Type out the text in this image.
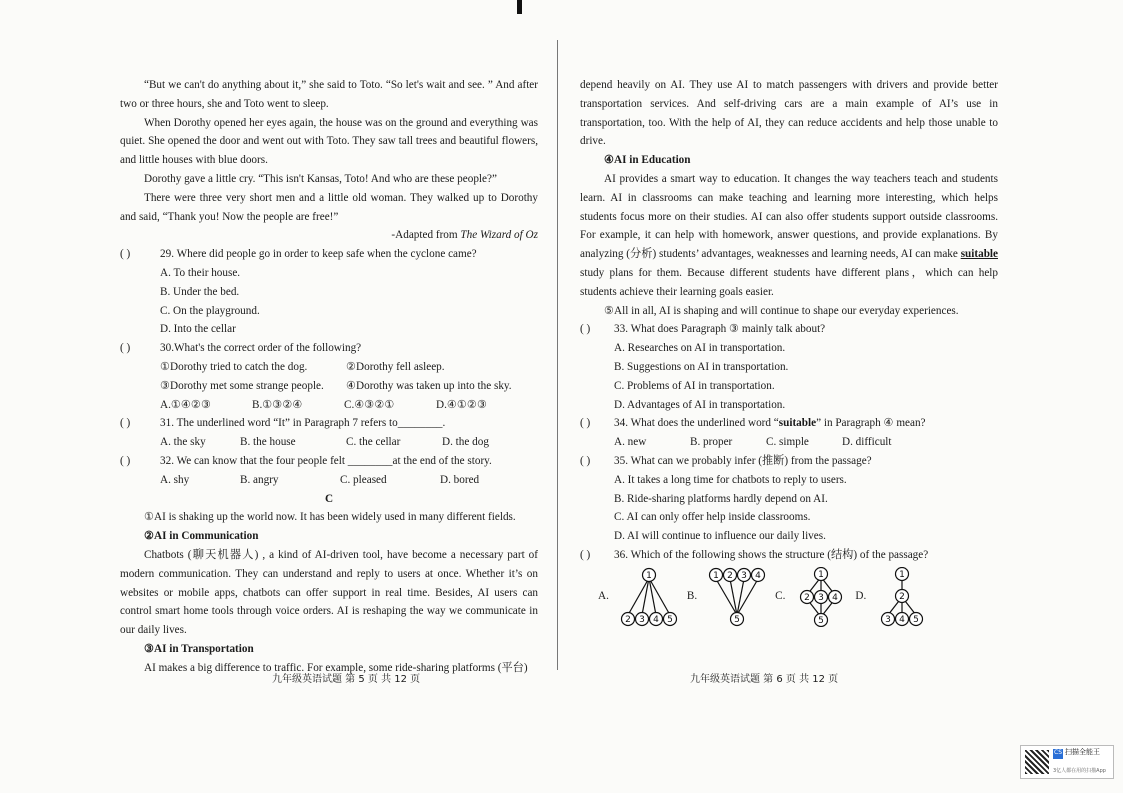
“But we can't do anything about it,” she said to Toto. “So let's wait and see. ” And after two or three hours, she and Toto went to sleep.

When Dorothy opened her eyes again, the house was on the ground and everything was quiet. She opened the door and went out with Toto. They saw tall trees and beautiful flowers, and little houses with blue doors.

Dorothy gave a little cry. “This isn't Kansas, Toto! And who are these people?”

There were three very short men and a little old woman. They walked up to Dorothy and said, “Thank you! Now the people are free!”

-Adapted from The Wizard of Oz

( )	29. Where did people go in order to keep safe when the cyclone came?
A. To their house.
B. Under the bed.
C. On the playground.
D. Into the cellar
( )	30.What's the correct order of the following?
①Dorothy tried to catch the dog.	②Dorothy fell asleep.
③Dorothy met some strange people.	④Dorothy was taken up into the sky.
A.①④②③	B.①③②④	C.④③②①	D.④①②③
( )	31. The underlined word “It” in Paragraph 7 refers to________.
A. the sky	B. the house	C. the cellar	D. the dog
( )	32. We can know that the four people felt ________at the end of the story.
A. shy	B. angry	C. pleased	D. bored
C

①AI is shaking up the world now. It has been widely used in many different fields.

②AI in Communication

Chatbots (聊天机器人) , a kind of AI-driven tool, have become a necessary part of modern communication. They can understand and reply to users at once. Whether it’s on websites or mobile apps, chatbots can offer support in real time. Besides, AI users can control smart home tools through voice orders. AI is reshaping the way we communicate in our daily lives.

③AI in Transportation

AI makes a big difference to traffic. For example, some ride-sharing platforms (平台)

九年级英语试题 第 5 页 共 12 页

depend heavily on AI. They use AI to match passengers with drivers and provide better transportation services. And self-driving cars are a main example of AI’s use in transportation, too. With the help of AI, they can reduce accidents and help those unable to drive.

④AI in Education

AI provides a smart way to education. It changes the way teachers teach and students learn. AI in classrooms can make teaching and learning more interesting, which helps students focus more on their studies. AI can also offer students support outside classrooms. For example, it can help with homework, answer questions, and provide explanations. By analyzing (分析) students’ advantages, weaknesses and learning needs, AI can make suitable study plans for them. Because different students have different plans，which can help students achieve their learning goals easier.

⑤All in all, AI is shaping and will continue to shape our everyday experiences.

( )	33. What does Paragraph ③ mainly talk about?
A. Researches on AI in transportation.
B. Suggestions on AI in transportation.
C. Problems of AI in transportation.
D. Advantages of AI in transportation.
( )	34. What does the underlined word “suitable” in Paragraph ④ mean?
A. new	B. proper	C. simple	D. difficult
( )	35. What can we probably infer (推断) from the passage?
A. It takes a long time for chatbots to reply to users.
B. Ride-sharing platforms hardly depend on AI.
C. AI can only offer help inside classrooms.
D. AI will continue to influence our daily lives.
( )	36. Which of the following shows the structure (结构) of the passage?
A.
1
2 3 4 5
B.
1 2 3 4
5
C.
1
2 3 4
5
D.
1
2
3 4 5
九年级英语试题 第 6 页 共 12 页
CS 扫描全能王
3亿人都在用的扫描App
